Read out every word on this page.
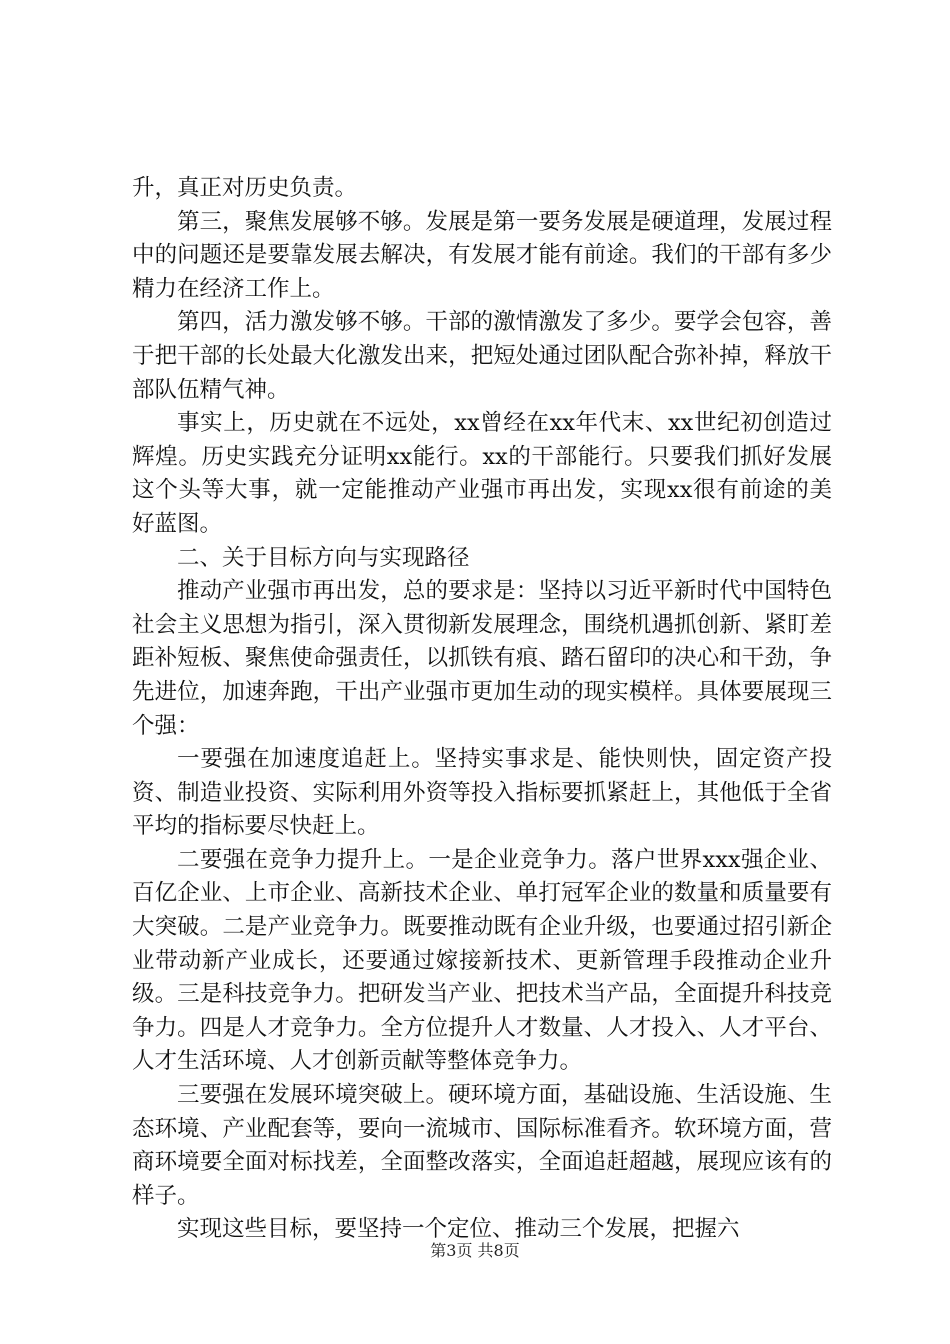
升，真正对历史负责。

第三，聚焦发展够不够。发展是第一要务发展是硬道理，发展过程中的问题还是要靠发展去解决，有发展才能有前途。我们的干部有多少精力在经济工作上。

第四，活力激发够不够。干部的激情激发了多少。要学会包容，善于把干部的长处最大化激发出来，把短处通过团队配合弥补掉，释放干部队伍精气神。

事实上，历史就在不远处，xx曾经在xx年代末、xx世纪初创造过辉煌。历史实践充分证明xx能行。xx的干部能行。只要我们抓好发展这个头等大事，就一定能推动产业强市再出发，实现xx很有前途的美好蓝图。

二、关于目标方向与实现路径

推动产业强市再出发，总的要求是：坚持以习近平新时代中国特色社会主义思想为指引，深入贯彻新发展理念，围绕机遇抓创新、紧盯差距补短板、聚焦使命强责任，以抓铁有痕、踏石留印的决心和干劲，争先进位，加速奔跑，干出产业强市更加生动的现实模样。具体要展现三个强：

一要强在加速度追赶上。坚持实事求是、能快则快，固定资产投资、制造业投资、实际利用外资等投入指标要抓紧赶上，其他低于全省平均的指标要尽快赶上。

二要强在竞争力提升上。一是企业竞争力。落户世界xxx强企业、百亿企业、上市企业、高新技术企业、单打冠军企业的数量和质量要有大突破。二是产业竞争力。既要推动既有企业升级，也要通过招引新企业带动新产业成长，还要通过嫁接新技术、更新管理手段推动企业升级。三是科技竞争力。把研发当产业、把技术当产品，全面提升科技竞争力。四是人才竞争力。全方位提升人才数量、人才投入、人才平台、人才生活环境、人才创新贡献等整体竞争力。

三要强在发展环境突破上。硬环境方面，基础设施、生活设施、生态环境、产业配套等，要向一流城市、国际标准看齐。软环境方面，营商环境要全面对标找差，全面整改落实，全面追赶超越，展现应该有的样子。

实现这些目标，要坚持一个定位、推动三个发展，把握六

第3页 共8页
